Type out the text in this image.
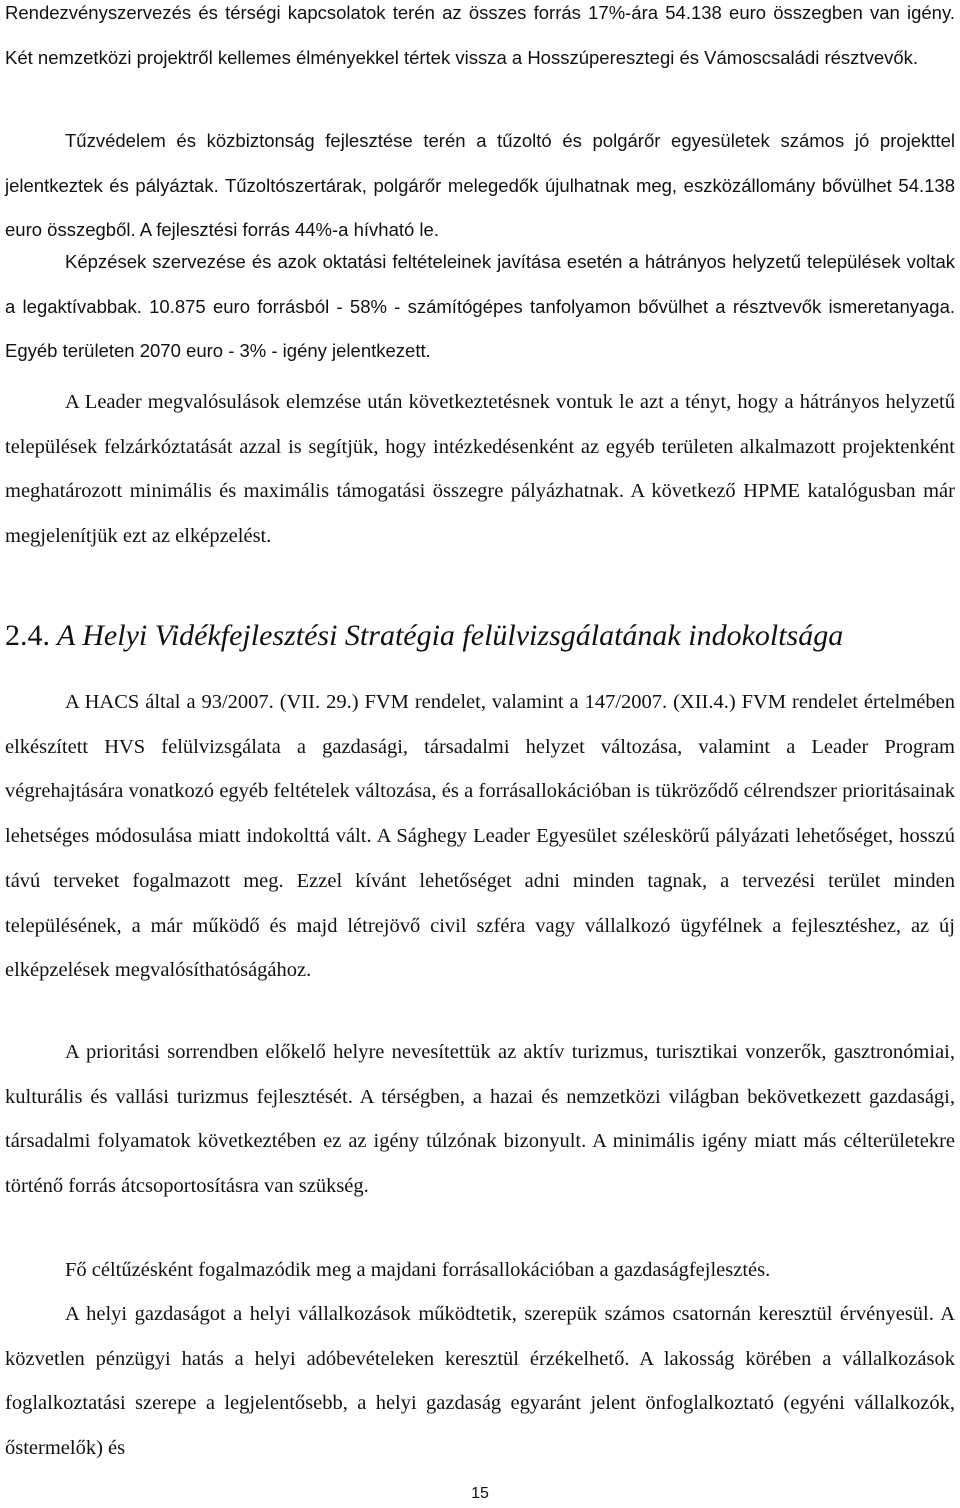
Rendezvényszervezés és térségi kapcsolatok terén az összes forrás 17%-ára 54.138 euro összegben van igény. Két nemzetközi projektről kellemes élményekkel tértek vissza a Hosszúperesztegi és Vámoscsaládi résztvevők.

Tűzvédelem és közbiztonság fejlesztése terén a tűzoltó és polgárőr egyesületek számos jó projekttel jelentkeztek és pályáztak. Tűzoltószertárak, polgárőr melegedők újulhatnak meg, eszközállomány bővülhet 54.138 euro összegből. A fejlesztési forrás 44%-a hívható le.

Képzések szervezése és azok oktatási feltételeinek javítása esetén a hátrányos helyzetű települések voltak a legaktívabbak. 10.875 euro forrásból - 58% - számítógépes tanfolyamon bővülhet a résztvevők ismeretanyaga. Egyéb területen 2070 euro - 3% - igény jelentkezett.

A Leader megvalósulások elemzése után következtetésnek vontuk le azt a tényt, hogy a hátrányos helyzetű települések felzárkóztatását azzal is segítjük, hogy intézkedésenként az egyéb területen alkalmazott projektenként meghatározott minimális és maximális támogatási összegre pályázhatnak. A következő HPME katalógusban már megjelenítjük ezt az elképzelést.

2.4. A Helyi Vidékfejlesztési Stratégia felülvizsgálatának indokoltsága

A HACS által a 93/2007. (VII. 29.) FVM rendelet, valamint a 147/2007. (XII.4.) FVM rendelet értelmében elkészített HVS felülvizsgálata a gazdasági, társadalmi helyzet változása, valamint a Leader Program végrehajtására vonatkozó egyéb feltételek változása, és a forrásallokációban is tükröződő célrendszer prioritásainak lehetséges módosulása miatt indokolttá vált. A Sághegy Leader Egyesület széleskörű pályázati lehetőséget, hosszú távú terveket fogalmazott meg. Ezzel kívánt lehetőséget adni minden tagnak, a tervezési terület minden településének, a már működő és majd létrejövő civil szféra vagy vállalkozó ügyfélnek a fejlesztéshez, az új elképzelések megvalósíthatóságához.

A prioritási sorrendben előkelő helyre nevesítettük az aktív turizmus, turisztikai vonzerők, gasztronómiai, kulturális és vallási turizmus fejlesztését. A térségben, a hazai és nemzetközi világban bekövetkezett gazdasági, társadalmi folyamatok következtében ez az igény túlzónak bizonyult. A minimális igény miatt más célterületekre történő forrás átcsoportosításra van szükség.

Fő céltűzésként fogalmazódik meg a majdani forrásallokációban a gazdaságfejlesztés.

A helyi gazdaságot a helyi vállalkozások működtetik, szerepük számos csatornán keresztül érvényesül. A közvetlen pénzügyi hatás a helyi adóbevételeken keresztül érzékelhető. A lakosság körében a vállalkozások foglalkoztatási szerepe a legjelentősebb, a helyi gazdaság egyaránt jelent önfoglalkoztató (egyéni vállalkozók, őstermelők) és

15
